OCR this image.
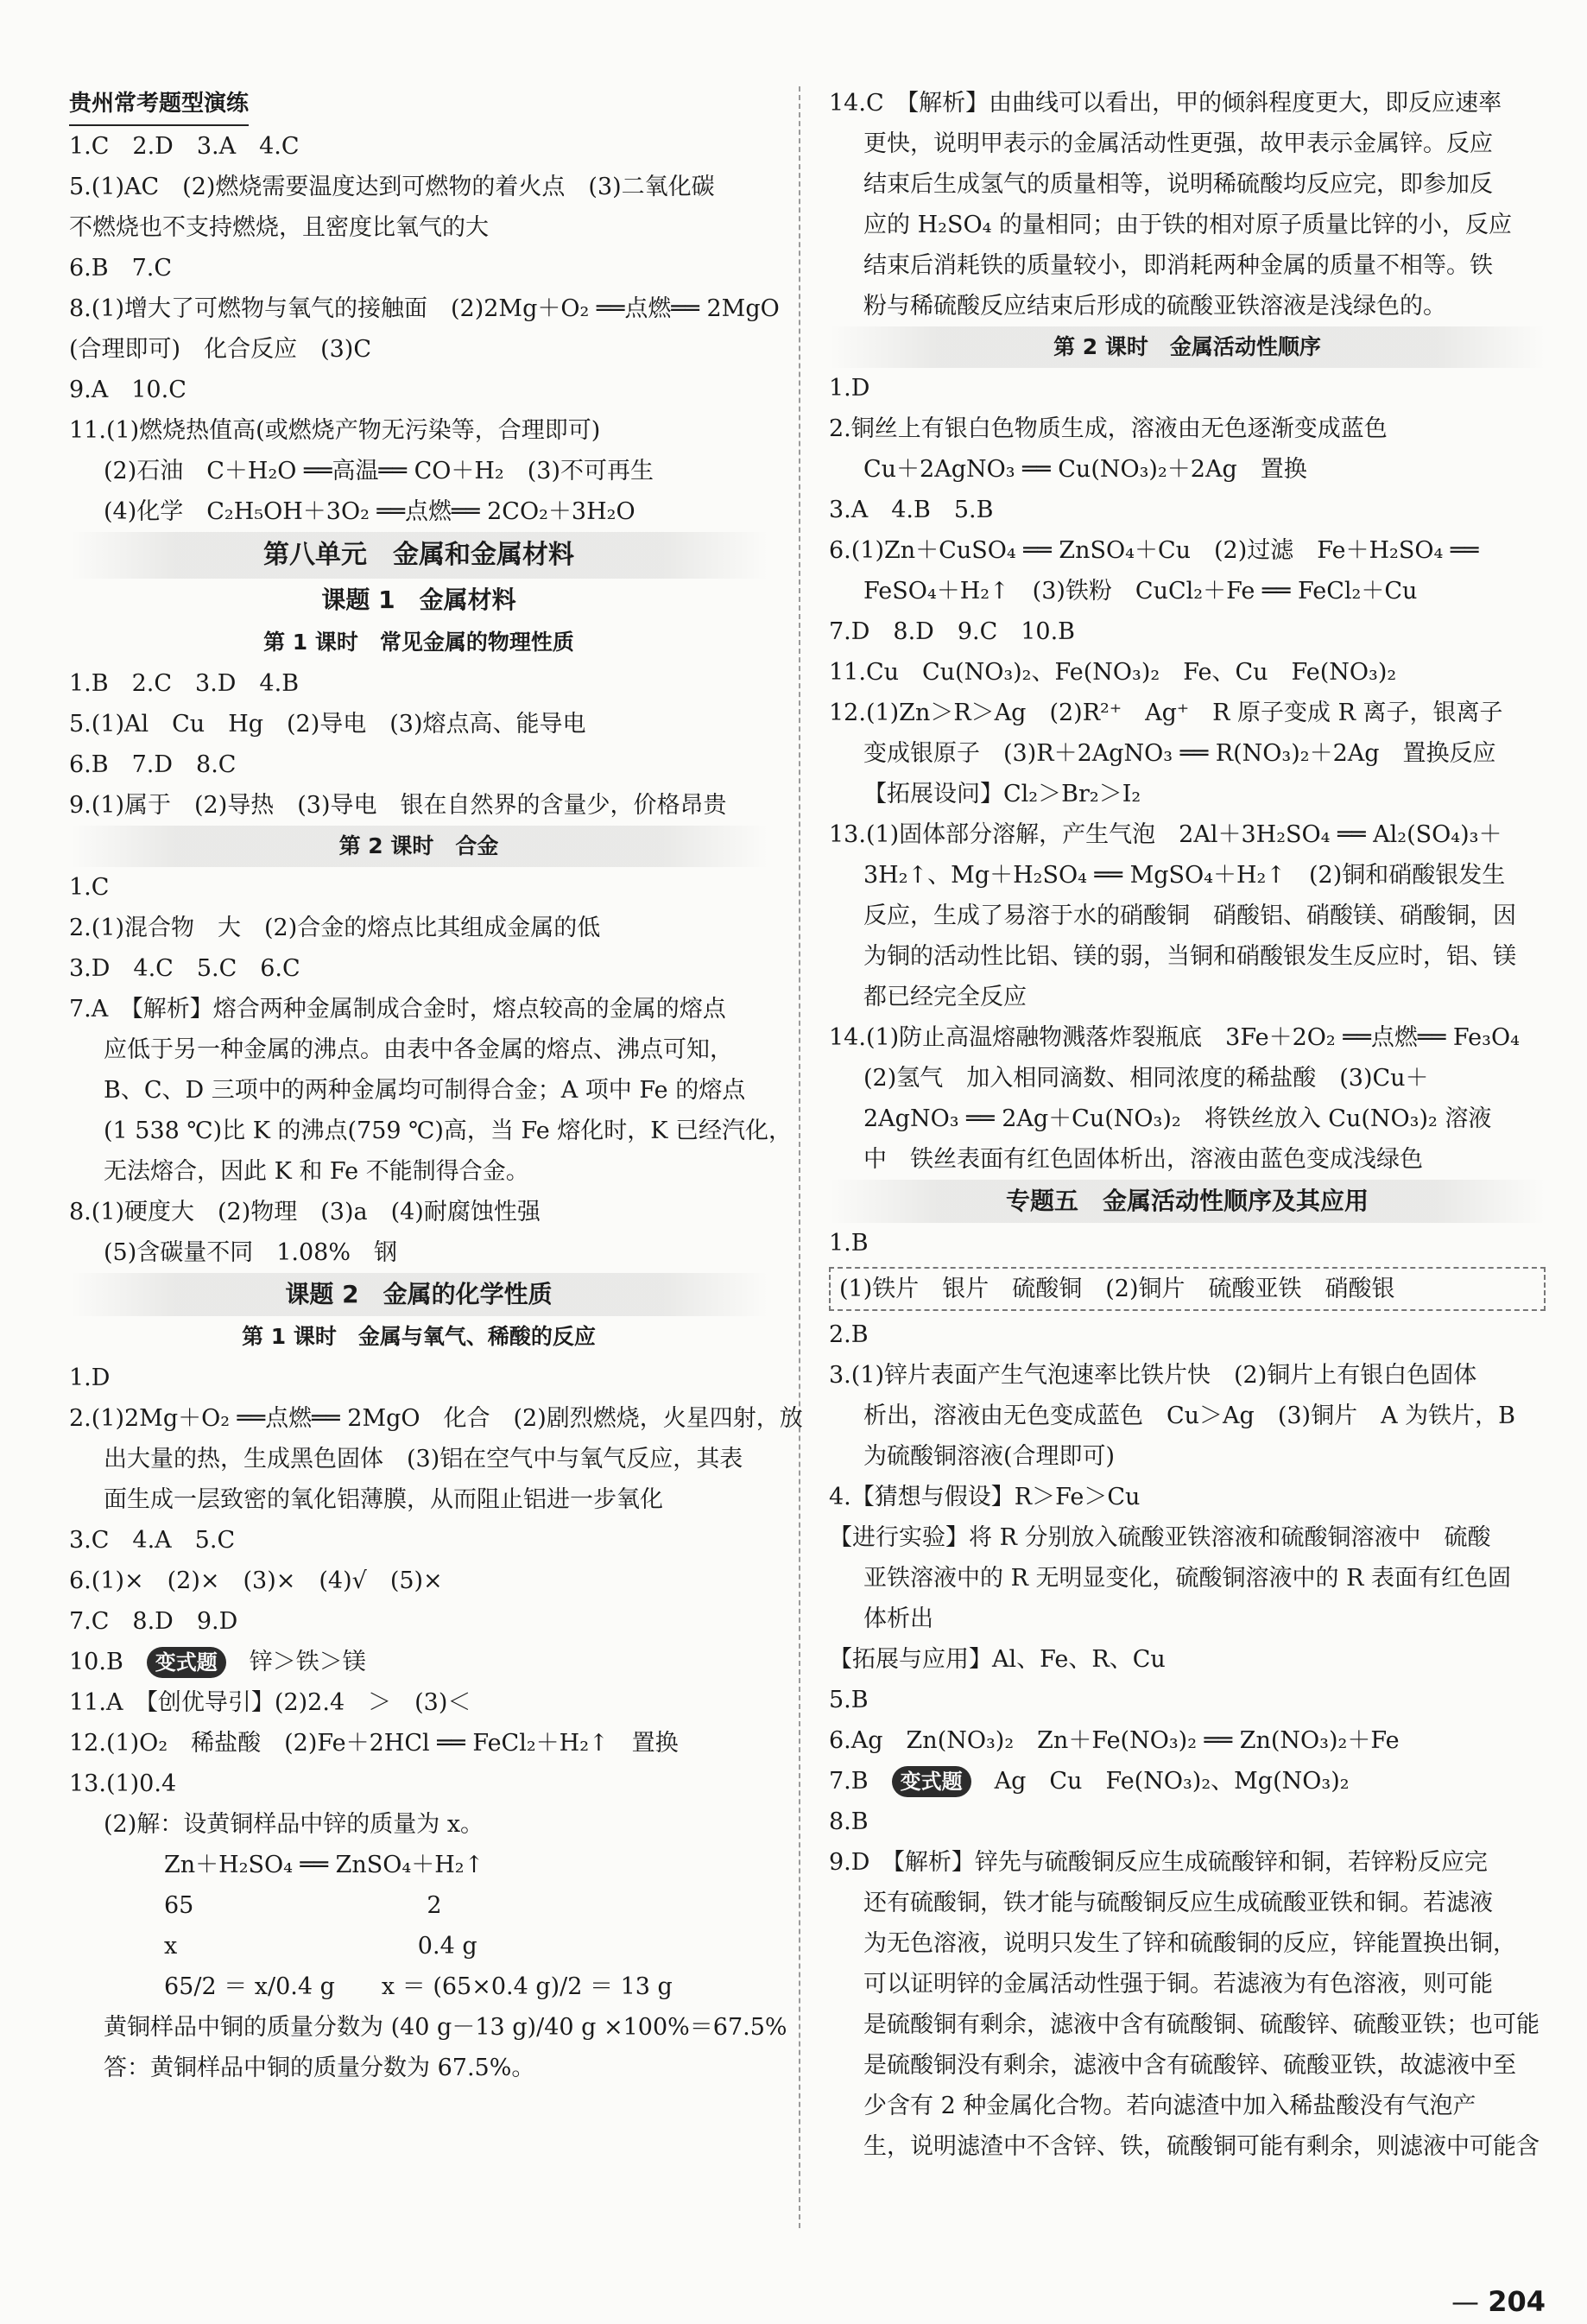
贵州常考题型演练
1.C　2.D　3.A　4.C
5.(1)AC　(2)燃烧需要温度达到可燃物的着火点　(3)二氧化碳
不燃烧也不支持燃烧，且密度比氧气的大
6.B　7.C
8.(1)增大了可燃物与氧气的接触面　(2)2Mg＋O₂ ══点燃══ 2MgO
(合理即可)　化合反应　(3)C
9.A　10.C
11.(1)燃烧热值高(或燃烧产物无污染等，合理即可)
(2)石油　C＋H₂O ══高温══ CO＋H₂　(3)不可再生
(4)化学　C₂H₅OH＋3O₂ ══点燃══ 2CO₂＋3H₂O
第八单元　金属和金属材料
课题 1　金属材料
第 1 课时　常见金属的物理性质
1.B　2.C　3.D　4.B
5.(1)Al　Cu　Hg　(2)导电　(3)熔点高、能导电
6.B　7.D　8.C
9.(1)属于　(2)导热　(3)导电　银在自然界的含量少，价格昂贵
第 2 课时　合金
1.C
2.(1)混合物　大　(2)合金的熔点比其组成金属的低
3.D　4.C　5.C　6.C
7.A　【解析】熔合两种金属制成合金时，熔点较高的金属的熔点
应低于另一种金属的沸点。由表中各金属的熔点、沸点可知，
B、C、D 三项中的两种金属均可制得合金；A 项中 Fe 的熔点
(1 538 ℃)比 K 的沸点(759 ℃)高，当 Fe 熔化时，K 已经汽化，
无法熔合，因此 K 和 Fe 不能制得合金。
8.(1)硬度大　(2)物理　(3)a　(4)耐腐蚀性强
(5)含碳量不同　1.08%　钢
课题 2　金属的化学性质
第 1 课时　金属与氧气、稀酸的反应
1.D
2.(1)2Mg＋O₂ ══点燃══ 2MgO　化合　(2)剧烈燃烧，火星四射，放
出大量的热，生成黑色固体　(3)铝在空气中与氧气反应，其表
面生成一层致密的氧化铝薄膜，从而阻止铝进一步氧化
3.C　4.A　5.C
6.(1)×　(2)×　(3)×　(4)√　(5)×
7.C　8.D　9.D
10.B　 变式题　 锌＞铁＞镁
11.A　【创优导引】(2)2.4　＞　(3)＜
12.(1)O₂　稀盐酸　(2)Fe＋2HCl ══ FeCl₂＋H₂↑　置换
13.(1)0.4
(2)解：设黄铜样品中锌的质量为 x。
Zn＋H₂SO₄ ══ ZnSO₄＋H₂↑
65　　　　　　　　　　2
x　　　　　　　　　　 0.4 g
65/2 ＝ x/0.4 g　　x ＝ (65×0.4 g)/2 ＝ 13 g
黄铜样品中铜的质量分数为 (40 g－13 g)/40 g ×100%＝67.5%
答：黄铜样品中铜的质量分数为 67.5%。
14.C　【解析】由曲线可以看出，甲的倾斜程度更大，即反应速率
更快，说明甲表示的金属活动性更强，故甲表示金属锌。反应
结束后生成氢气的质量相等，说明稀硫酸均反应完，即参加反
应的 H₂SO₄ 的量相同；由于铁的相对原子质量比锌的小，反应
结束后消耗铁的质量较小，即消耗两种金属的质量不相等。铁
粉与稀硫酸反应结束后形成的硫酸亚铁溶液是浅绿色的。
第 2 课时　金属活动性顺序
1.D
2.铜丝上有银白色物质生成，溶液由无色逐渐变成蓝色
Cu＋2AgNO₃ ══ Cu(NO₃)₂＋2Ag　置换
3.A　4.B　5.B
6.(1)Zn＋CuSO₄ ══ ZnSO₄＋Cu　(2)过滤　Fe＋H₂SO₄ ══
FeSO₄＋H₂↑　(3)铁粉　CuCl₂＋Fe ══ FeCl₂＋Cu
7.D　8.D　9.C　10.B
11.Cu　Cu(NO₃)₂、Fe(NO₃)₂　Fe、Cu　Fe(NO₃)₂
12.(1)Zn＞R＞Ag　(2)R²⁺　Ag⁺　R 原子变成 R 离子，银离子
变成银原子　(3)R＋2AgNO₃ ══ R(NO₃)₂＋2Ag　置换反应
【拓展设问】Cl₂＞Br₂＞I₂
13.(1)固体部分溶解，产生气泡　2Al＋3H₂SO₄ ══ Al₂(SO₄)₃＋
3H₂↑、Mg＋H₂SO₄ ══ MgSO₄＋H₂↑　(2)铜和硝酸银发生
反应，生成了易溶于水的硝酸铜　硝酸铝、硝酸镁、硝酸铜，因
为铜的活动性比铝、镁的弱，当铜和硝酸银发生反应时，铝、镁
都已经完全反应
14.(1)防止高温熔融物溅落炸裂瓶底　3Fe＋2O₂ ══点燃══ Fe₃O₄
(2)氢气　加入相同滴数、相同浓度的稀盐酸　(3)Cu＋
2AgNO₃ ══ 2Ag＋Cu(NO₃)₂　将铁丝放入 Cu(NO₃)₂ 溶液
中　铁丝表面有红色固体析出，溶液由蓝色变成浅绿色
专题五　金属活动性顺序及其应用
1.B
(1)铁片　银片　硫酸铜　(2)铜片　硫酸亚铁　硝酸银
2.B
3.(1)锌片表面产生气泡速率比铁片快　(2)铜片上有银白色固体
析出，溶液由无色变成蓝色　Cu＞Ag　(3)铜片　A 为铁片，B
为硫酸铜溶液(合理即可)
4.【猜想与假设】R＞Fe＞Cu
【进行实验】将 R 分别放入硫酸亚铁溶液和硫酸铜溶液中　硫酸
亚铁溶液中的 R 无明显变化，硫酸铜溶液中的 R 表面有红色固
体析出
【拓展与应用】Al、Fe、R、Cu
5.B
6.Ag　Zn(NO₃)₂　Zn＋Fe(NO₃)₂ ══ Zn(NO₃)₂＋Fe
7.B　 变式题　 Ag　Cu　Fe(NO₃)₂、Mg(NO₃)₂
8.B
9.D　【解析】锌先与硫酸铜反应生成硫酸锌和铜，若锌粉反应完
还有硫酸铜，铁才能与硫酸铜反应生成硫酸亚铁和铜。若滤液
为无色溶液，说明只发生了锌和硫酸铜的反应，锌能置换出铜，
可以证明锌的金属活动性强于铜。若滤液为有色溶液，则可能
是硫酸铜有剩余，滤液中含有硫酸铜、硫酸锌、硫酸亚铁；也可能
是硫酸铜没有剩余，滤液中含有硫酸锌、硫酸亚铁，故滤液中至
少含有 2 种金属化合物。若向滤渣中加入稀盐酸没有气泡产
生，说明滤渣中不含锌、铁，硫酸铜可能有剩余，则滤液中可能含
— 204
